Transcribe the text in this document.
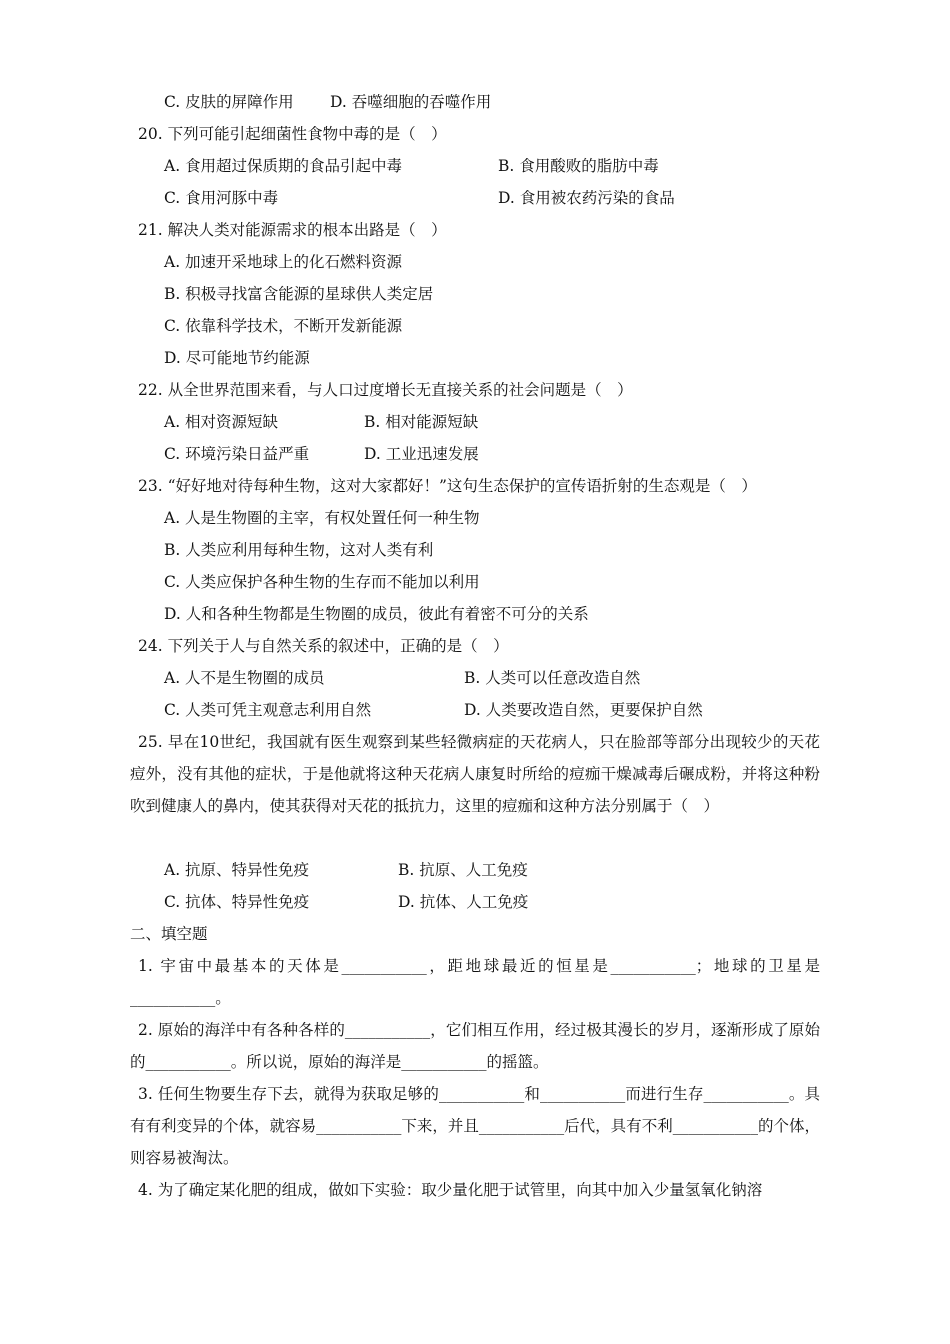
C. 皮肤的屏障作用 D. 吞噬细胞的吞噬作用
20. 下列可能引起细菌性食物中毒的是（　）
A. 食用超过保质期的食品引起中毒	B. 食用酸败的脂肪中毒
C. 食用河豚中毒	D. 食用被农药污染的食品
21. 解决人类对能源需求的根本出路是（　）
A. 加速开采地球上的化石燃料资源
B. 积极寻找富含能源的星球供人类定居
C. 依靠科学技术，不断开发新能源
D. 尽可能地节约能源
22. 从全世界范围来看，与人口过度增长无直接关系的社会问题是（　）
A. 相对资源短缺	B. 相对能源短缺
C. 环境污染日益严重	D. 工业迅速发展
23. “好好地对待每种生物，这对大家都好！”这句生态保护的宣传语折射的生态观是（　）
A. 人是生物圈的主宰，有权处置任何一种生物
B. 人类应利用每种生物，这对人类有利
C. 人类应保护各种生物的生存而不能加以利用
D. 人和各种生物都是生物圈的成员，彼此有着密不可分的关系
24. 下列关于人与自然关系的叙述中，正确的是（　）
A. 人不是生物圈的成员	B. 人类可以任意改造自然
C. 人类可凭主观意志利用自然	D. 人类要改造自然，更要保护自然
25. 早在10世纪，我国就有医生观察到某些轻微病症的天花病人，只在脸部等部分出现较少的天花痘外，没有其他的症状，于是他就将这种天花病人康复时所给的痘痂干燥减毒后碾成粉，并将这种粉吹到健康人的鼻内，使其获得对天花的抵抗力，这里的痘痂和这种方法分别属于（　）
A. 抗原、特异性免疫	B. 抗原、人工免疫
C. 抗体、特异性免疫	D. 抗体、人工免疫
二、填空题
1. 宇宙中最基本的天体是___________，距地球最近的恒星是___________；地球的卫星是___________。
2. 原始的海洋中有各种各样的___________，它们相互作用，经过极其漫长的岁月，逐渐形成了原始的___________。所以说，原始的海洋是___________的摇篮。
3. 任何生物要生存下去，就得为获取足够的___________和___________而进行生存___________。具有有利变异的个体，就容易___________下来，并且___________后代，具有不利___________的个体，则容易被淘汰。
4. 为了确定某化肥的组成，做如下实验：取少量化肥于试管里，向其中加入少量氢氧化钠溶
